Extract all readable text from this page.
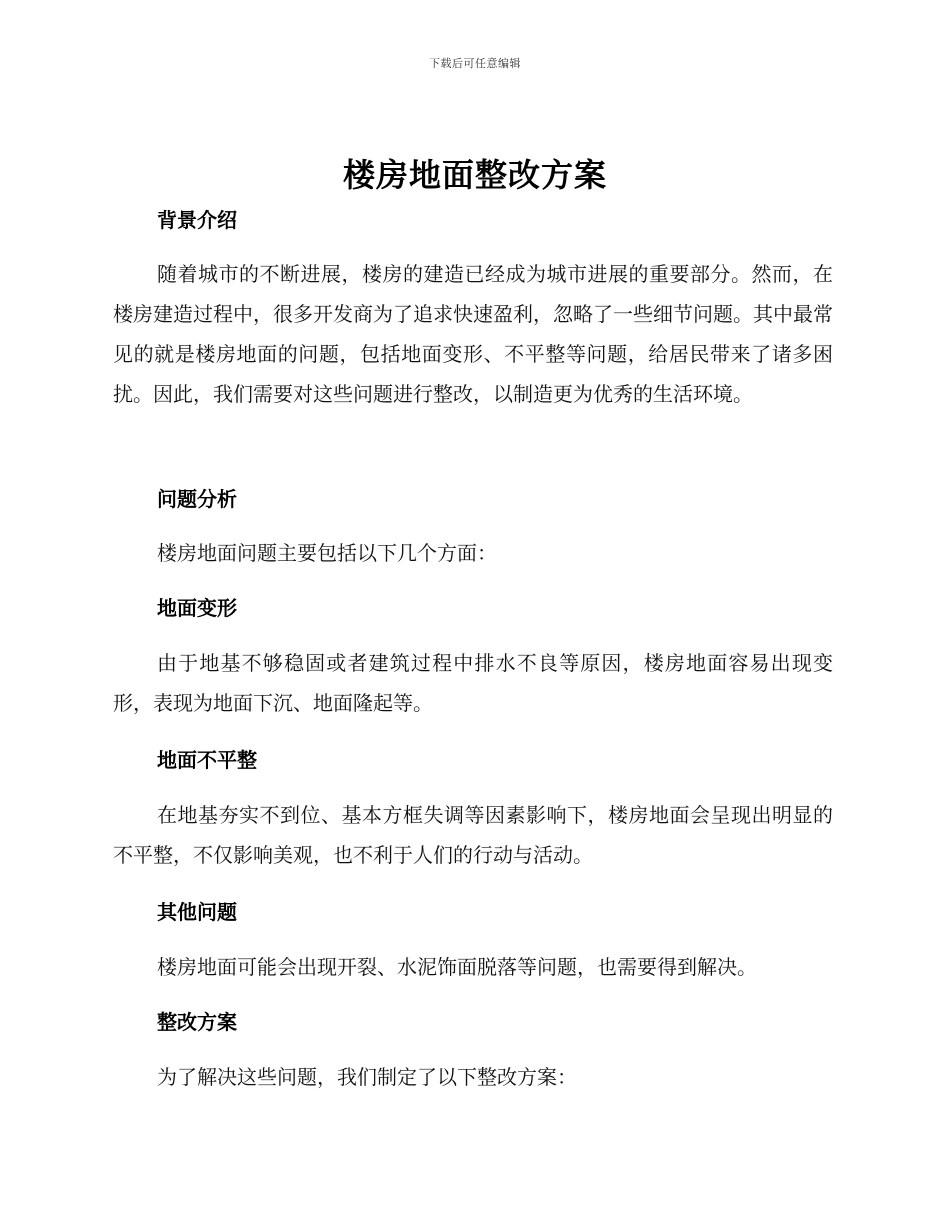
下载后可任意编辑
楼房地面整改方案
背景介绍

随着城市的不断进展，楼房的建造已经成为城市进展的重要部分。然而，在楼房建造过程中，很多开发商为了追求快速盈利，忽略了一些细节问题。其中最常见的就是楼房地面的问题，包括地面变形、不平整等问题，给居民带来了诸多困扰。因此，我们需要对这些问题进行整改，以制造更为优秀的生活环境。

问题分析

楼房地面问题主要包括以下几个方面：

地面变形

由于地基不够稳固或者建筑过程中排水不良等原因，楼房地面容易出现变形，表现为地面下沉、地面隆起等。

地面不平整

在地基夯实不到位、基本方框失调等因素影响下，楼房地面会呈现出明显的不平整，不仅影响美观，也不利于人们的行动与活动。

其他问题

楼房地面可能会出现开裂、水泥饰面脱落等问题，也需要得到解决。

整改方案

为了解决这些问题，我们制定了以下整改方案：
